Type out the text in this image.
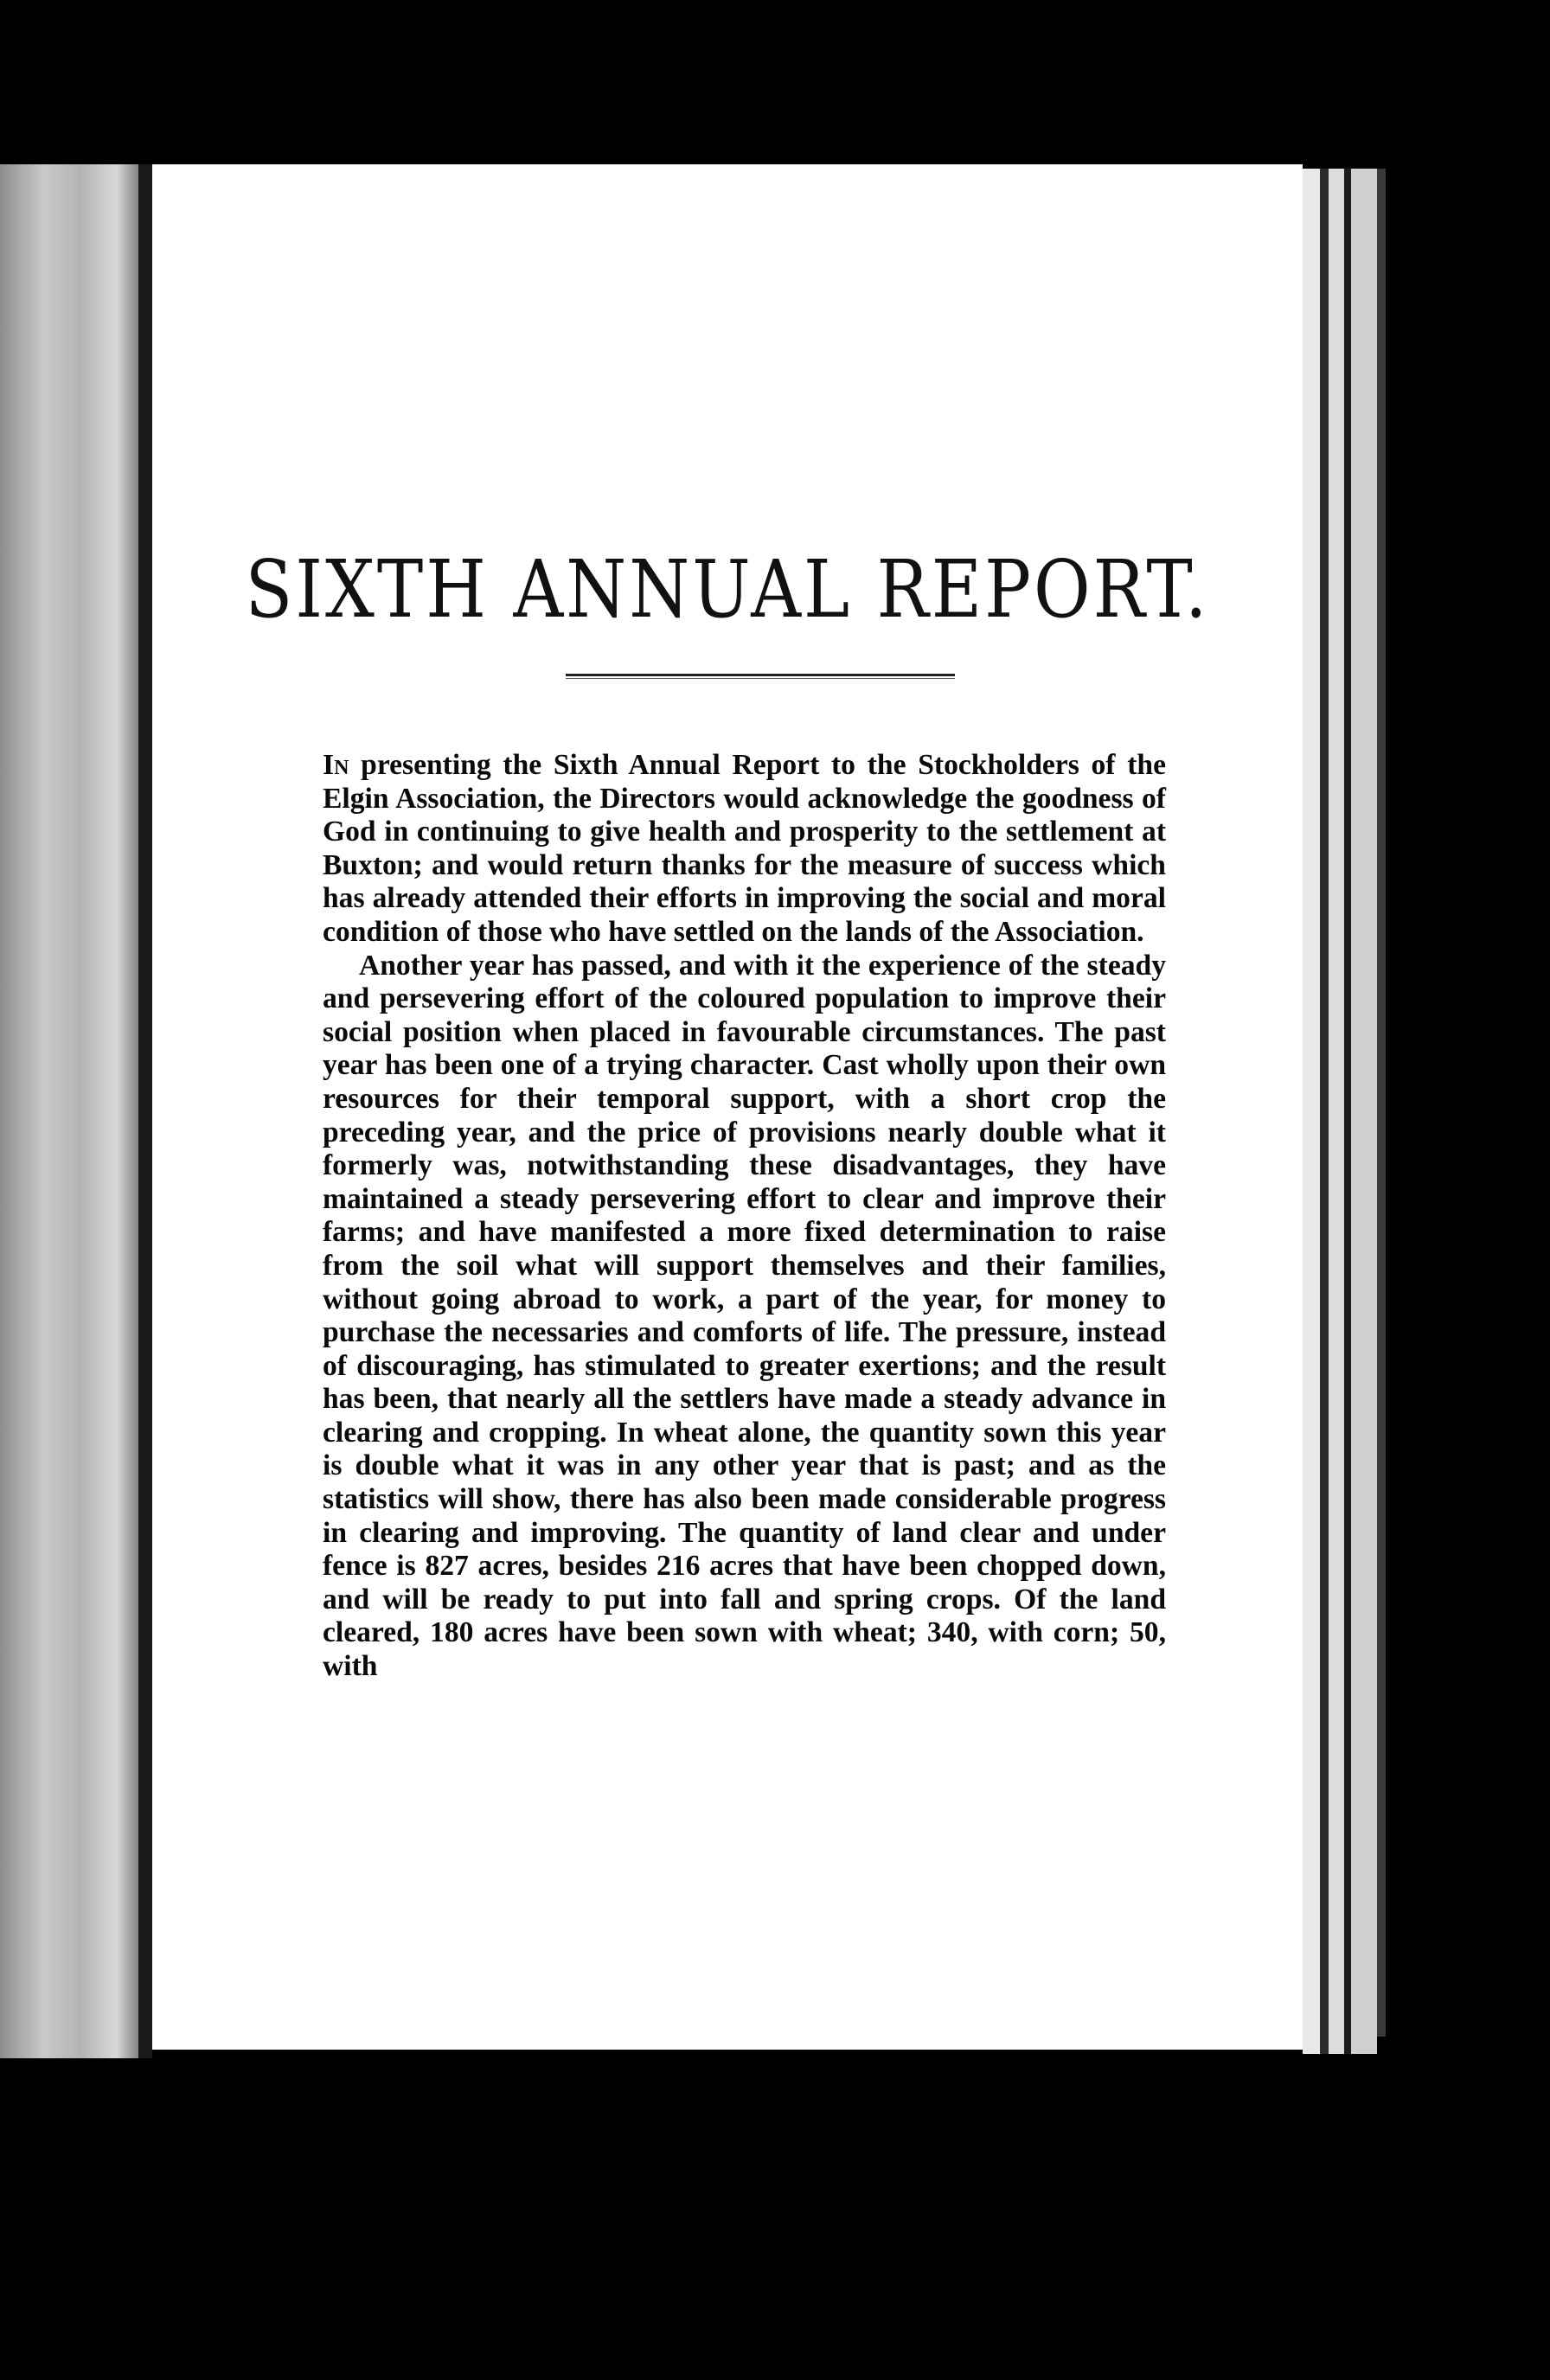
SIXTH ANNUAL REPORT.

In presenting the Sixth Annual Report to the Stockholders of the Elgin Association, the Directors would acknowledge the goodness of God in continuing to give health and prosperity to the settlement at Buxton; and would return thanks for the measure of success which has already attended their efforts in improving the social and moral condition of those who have settled on the lands of the Association.

Another year has passed, and with it the experience of the steady and persevering effort of the coloured population to improve their social position when placed in favourable circumstances. The past year has been one of a trying character. Cast wholly upon their own resources for their temporal support, with a short crop the preceding year, and the price of provisions nearly double what it formerly was, notwithstanding these disadvantages, they have maintained a steady persevering effort to clear and improve their farms; and have manifested a more fixed determination to raise from the soil what will support themselves and their families, without going abroad to work, a part of the year, for money to purchase the necessaries and comforts of life. The pressure, instead of discouraging, has stimulated to greater exertions; and the result has been, that nearly all the settlers have made a steady advance in clearing and cropping. In wheat alone, the quantity sown this year is double what it was in any other year that is past; and as the statistics will show, there has also been made considerable progress in clearing and improving. The quantity of land clear and under fence is 827 acres, besides 216 acres that have been chopped down, and will be ready to put into fall and spring crops. Of the land cleared, 180 acres have been sown with wheat; 340, with corn; 50, with
